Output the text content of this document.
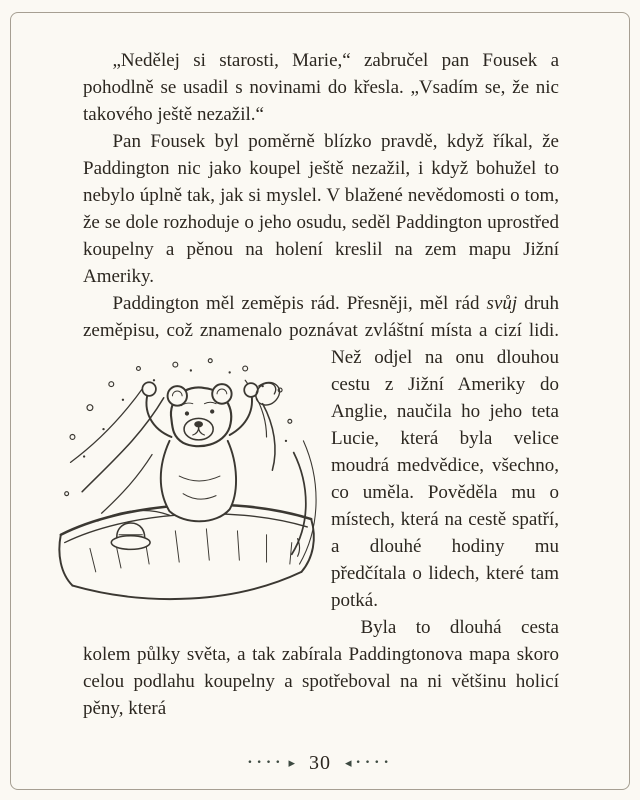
„Nedělej si starosti, Marie,“ zabručel pan Fousek a pohodlně se usadil s novinami do křesla. „Vsadím se, že nic takového ještě nezažil.“

Pan Fousek byl poměrně blízko pravdě, když říkal, že Paddington nic jako koupel ještě nezažil, i když bohužel to nebylo úplně tak, jak si myslel. V blažené nevědomosti o tom, že se dole rozhoduje o jeho osudu, seděl Paddington uprostřed koupelny a pěnou na holení kreslil na zem mapu Jižní Ameriky.

Paddington měl zeměpis rád. Přesněji, měl rád svůj druh zeměpisu, což znamenalo poznávat zvláštní místa
a cizí lidi. Než odjel na onu dlouhou cestu z Jižní Ameriky do Anglie, naučila ho jeho teta Lucie, která byla velice moudrá medvědice, všechno, co uměla. Pověděla mu o místech, která na cestě spatří, a dlouhé hodiny mu předčítala o lidech, které tam potká.

Byla to dlouhá cesta kolem půlky světa, a tak zabírala Paddingtonova mapa skoro celou podlahu koupelny a spotřeboval na ni většinu holicí pěny, která

•••• ▸ 30 ◂ ••••
